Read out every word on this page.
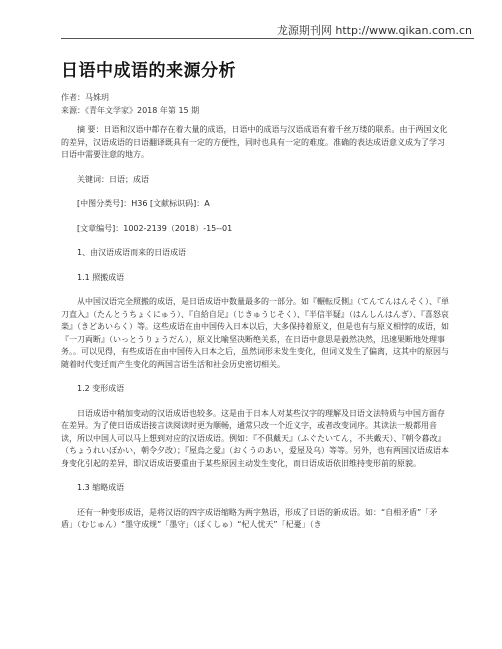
龙源期刊网 http://www.qikan.com.cn
日语中成语的来源分析
作者：马姝玥
来源：《青年文学家》2018 年第 15 期

摘 要：日语和汉语中都存在着大量的成语，日语中的成语与汉语成语有着千丝万缕的联系。由于两国文化的差异，汉语成语的日语翻译既具有一定的方便性，同时也具有一定的难度。准确的表达成语意义成为了学习日语中需要注意的地方。

关键词：日语；成语

[中图分类号]：H36 [文献标识码]：A

[文章编号]：1002-2139（2018）-15--01

1、由汉语成语而来的日语成语

1.1 照搬成语

从中国汉语完全照搬的成语，是日语成语中数量最多的一部分。如『輾転反側』（てんてんはんそく）、『単刀直入』（たんとうちょくにゅう）、『自給自足』（じきゅうじそく）、『半信半疑』（はんしんはんぎ）、『喜怒哀楽』（きどあいらく）等。这些成语在由中国传入日本以后，大多保持着原义，但是也有与原义相悖的成语，如『一刀両断』（いっとうりょうだん），原义比喻坚决断绝关系，在日语中意思是毅然决然，迅速果断地处理事务。。可以见得，有些成语在由中国传入日本之后，虽然词形未发生变化，但词义发生了偏离，这其中的原因与随着时代变迁而产生变化的两国言语生活和社会历史密切相关。

1.2 变形成语

日语成语中稍加变动的汉语成语也较多。这是由于日本人对某些汉字的理解及日语文法特质与中国方面存在差异。为了使日语成语接言读阅读时更为顺畅，通常只改一个近义字，或者改变词序。其读法一般都用音读，所以中国人可以马上想到对应的汉语成语。例如：『不倶戴天』（ふぐたいてん，不共戴天）、『朝令暮改』（ちょうれいぼかい，朝令夕改）；『屋烏之愛』（おくうのあい，爱屋及乌）等等。另外，也有两国汉语成语本身变化引起的差异，即汉语成语要重由于某些原因主动发生变化，而日语成语依旧维持变形前的原貌。

1.3 缩略成语

还有一种变形成语，是将汉语的四字成语缩略为两字熟语，形成了日语的新成语。如：“自相矛盾”「矛盾」（むじゅん）“墨守成规”「墨守」（ぼくしゅ）“杞人忧天”「杞憂」（き
